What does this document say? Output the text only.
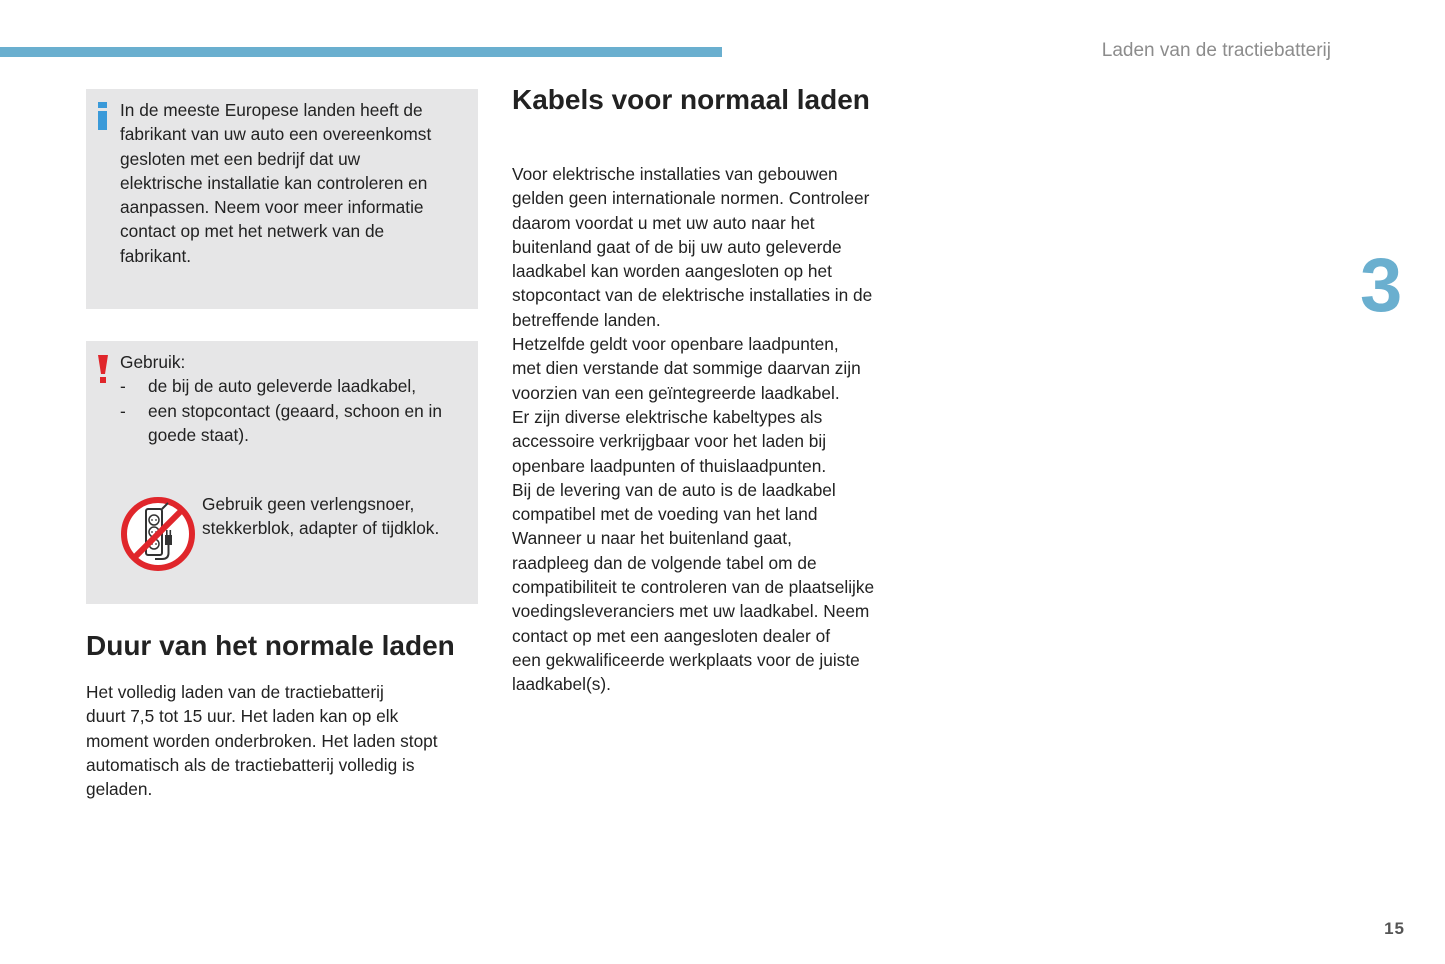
Laden van de tractiebatterij
3
15
In de meeste Europese landen heeft de
fabrikant van uw auto een overeenkomst
gesloten met een bedrijf dat uw
elektrische installatie kan controleren en
aanpassen. Neem voor meer informatie
contact op met het netwerk van de
fabrikant.
Gebruik:
- de bij de auto geleverde laadkabel,
- een stopcontact (geaard, schoon en in
goede staat).
Gebruik geen verlengsnoer,
stekkerblok, adapter of tijdklok.
Duur van het normale laden
Het volledig laden van de tractiebatterij
duurt 7,5 tot 15 uur. Het laden kan op elk
moment worden onderbroken. Het laden stopt
automatisch als de tractiebatterij volledig is
geladen.
Kabels voor normaal laden
Voor elektrische installaties van gebouwen
gelden geen internationale normen. Controleer
daarom voordat u met uw auto naar het
buitenland gaat of de bij uw auto geleverde
laadkabel kan worden aangesloten op het
stopcontact van de elektrische installaties in de
betreffende landen.
Hetzelfde geldt voor openbare laadpunten,
met dien verstande dat sommige daarvan zijn
voorzien van een geïntegreerde laadkabel.
Er zijn diverse elektrische kabeltypes als
accessoire verkrijgbaar voor het laden bij
openbare laadpunten of thuislaadpunten.
Bij de levering van de auto is de laadkabel
compatibel met de voeding van het land
Wanneer u naar het buitenland gaat,
raadpleeg dan de volgende tabel om de
compatibiliteit te controleren van de plaatselijke
voedingsleveranciers met uw laadkabel. Neem
contact op met een aangesloten dealer of
een gekwalificeerde werkplaats voor de juiste
laadkabel(s).
